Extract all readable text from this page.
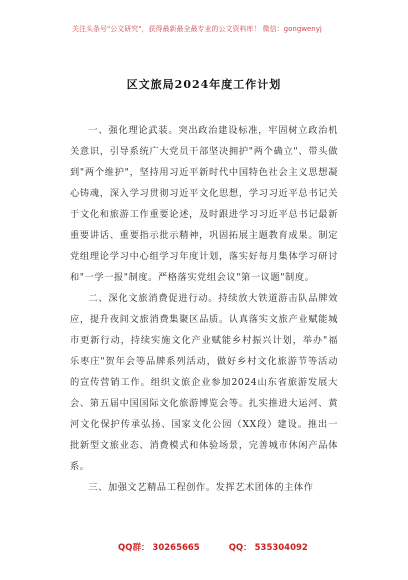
关注头条号"公文研究"，获得最新最全最专业的公文资料库！ 微信：gongwenyj
区文旅局2024年度工作计划

一、强化理论武装。突出政治建设标准，牢固树立政治机关意识，引导系统广大党员干部坚决拥护"两个确立"、带头做到"两个维护"，坚持用习近平新时代中国特色社会主义思想凝心铸魂，深入学习贯彻习近平文化思想，学习习近平总书记关于文化和旅游工作重要论述，及时跟进学习习近平总书记最新重要讲话、重要指示批示精神，巩固拓展主题教育成果。制定党组理论学习中心组学习年度计划，落实好每月集体学习研讨和"一学一报"制度。严格落实党组会议"第一议题"制度。

二、深化文旅消费促进行动。持续放大铁道游击队品牌效应，提升夜间文旅消费集聚区品质。认真落实文旅产业赋能城市更新行动，持续实施文化产业赋能乡村振兴计划，举办"福乐枣庄"贺年会等品牌系列活动，做好乡村文化旅游节等活动的宣传营销工作。组织文旅企业参加2024山东省旅游发展大会、第五届中国国际文化旅游博览会等。扎实推进大运河、黄河文化保护传承弘扬、国家文化公园（XX段）建设。推出一批新型文旅业态、消费模式和体验场景，完善城市休闲产品体系。

三、加强文艺精品工程创作。发挥艺术团体的主体作

QQ群： 30265665	QQ： 535304092
